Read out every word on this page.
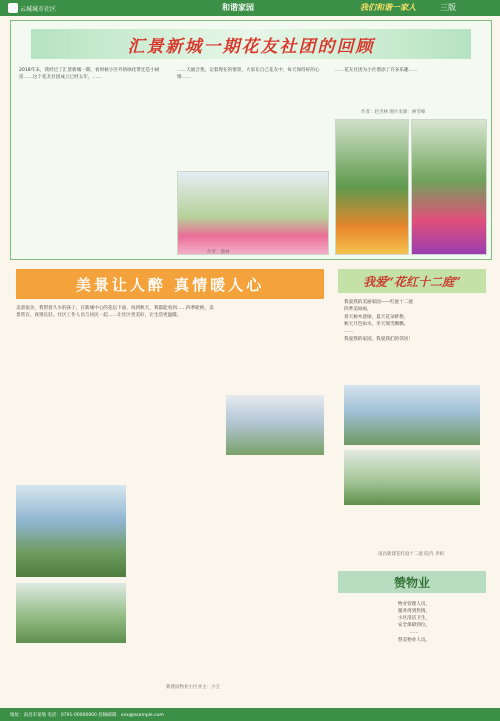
云城城市社区	和谐家园	我们和谐一家人	三版
汇景新城一期花友社团的回顾
2018年末，我经过了汇景新城一期，看时候小区外的绿化带还是小树苗……这个花友社团成立已经五年，……
……天福合苑，记着现在的情景，大家在自己花友中，每天保持好的心情……
作者：施林
……花友社团为小区增添了许多乐趣……
作者：赵杰林 图片来源：林雪峰
美景让人醉 真情暖人心
美景宿舍，我带着久少的孩子，在新城中心的花坛下面，每到秋天，我都能看到……四季轮换，美景常在，真情长驻。社区工作人员与居民一起……让社区更美好，让生活更温暖。
新建成物业小区业主：小宝
我爱“花红十二庭”
我爱我的美丽家园——红庭十二庭
四季美如画，
春天树木葱绿，夏天花朵娇艳，
秋天月色如水，冬天瑞雪飘飘。
……
我爱我的家园，我爱我们的邻居！
南昌新建花红庭十二庭 院内 李娟
赞物业
物业管理人员，
服务周到热情。
小区清洁卫生，
安全保障到位。
……
赞美物业人员。
地址：南昌市某地 电话：0791-00000000 投稿邮箱：xxx@example.com
